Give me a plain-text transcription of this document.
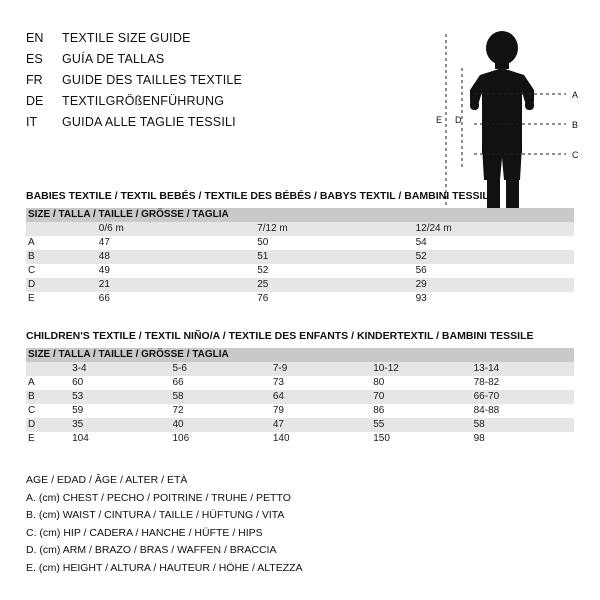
EN	TEXTILE SIZE GUIDE
ES	GUÍA DE TALLAS
FR	GUIDE DES TAILLES TEXTILE
DE	TEXTILGRÖßENFÜHRUNG
IT	GUIDA ALLE TAGLIE TESSILI
A
B
C
D
E
BABIES TEXTILE / TEXTIL BEBÉS / TEXTILE DES BÉBÉS / BABYS TEXTIL / BAMBINI TESSILE
SIZE / TALLA / TAILLE / GRÖSSE / TAGLIA			
	0/6 m	7/12 m	12/24 m
A	47	50	54
B	48	51	52
C	49	52	56
D	21	25	29
E	66	76	93
CHILDREN'S TEXTILE / TEXTIL NIÑO/A / TEXTILE DES ENFANTS / KINDERTEXTIL / BAMBINI TESSILE
SIZE / TALLA / TAILLE / GRÖSSE / TAGLIA					
	3-4	5-6	7-9	10-12	13-14
A	60	66	73	80	78-82
B	53	58	64	70	66-70
C	59	72	79	86	84-88
D	35	40	47	55	58
E	104	106	140	150	98
AGE / EDAD / ÂGE / ALTER / ETÀ
A. (cm) CHEST / PECHO / POITRINE / TRUHE / PETTO
B. (cm) WAIST / CINTURA / TAILLE / HÜFTUNG / VITA
C. (cm) HIP / CADERA / HANCHE / HÜFTE / HIPS
D. (cm) ARM / BRAZO / BRAS / WAFFEN / BRACCIA
E. (cm) HEIGHT / ALTURA / HAUTEUR / HÖHE / ALTEZZA
